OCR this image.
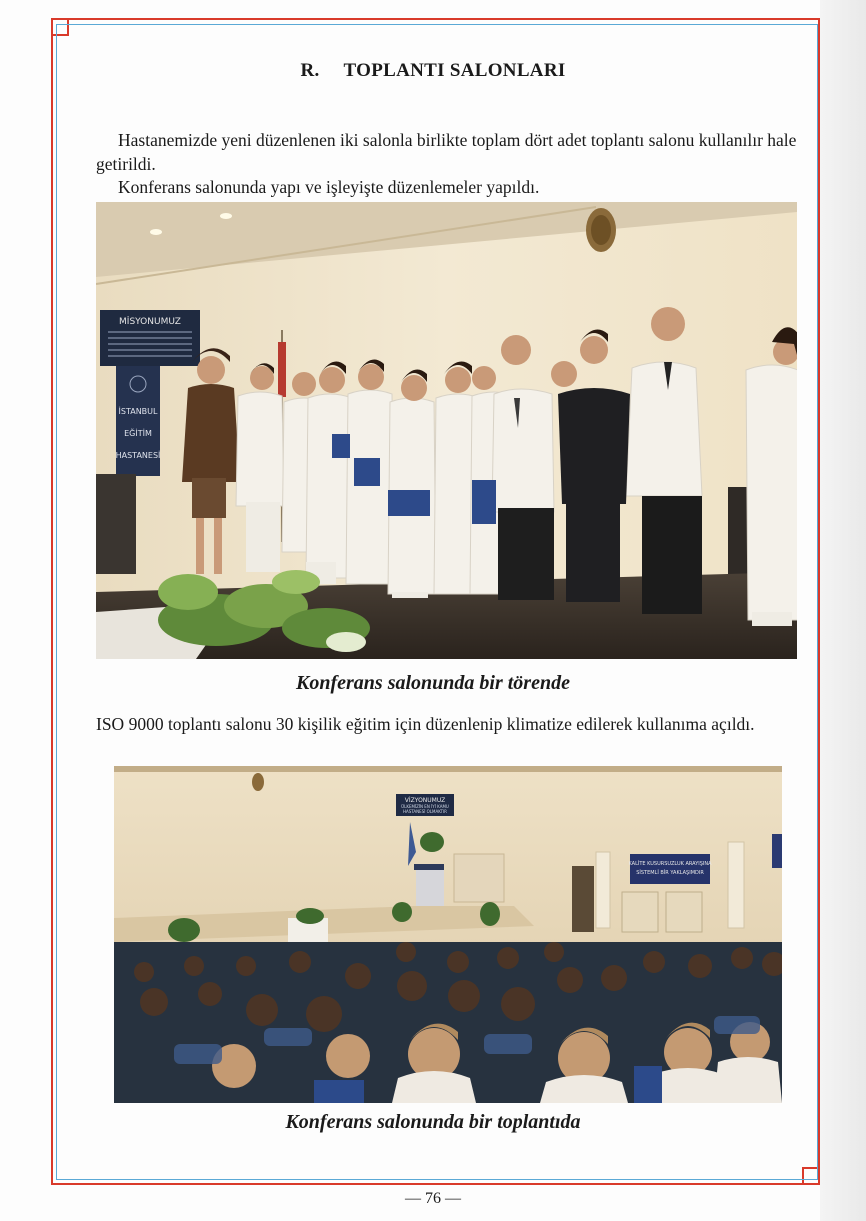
R. TOPLANTI SALONLARI
Hastanemizde yeni düzenlenen iki salonla birlikte toplam dört adet toplantı salonu kullanılır hale getirildi.
Konferans salonunda yapı ve işleyişte düzenlemeler yapıldı.
MİSYONUMUZ
İSTANBUL
EĞİTİM
HASTANESİ
Konferans salonunda bir törende
ISO 9000 toplantı salonu 30 kişilik eğitim için düzenlenip klimatize edilerek kullanıma açıldı.
VİZYONUMUZ
ÜLKEMİZİN EN İYİ KAMU
HASTANESİ OLMAKTIR
KALİTE KUSURSUZLUK ARAYIŞINA
SİSTEMLİ BİR YAKLAŞIMDIR
Konferans salonunda bir toplantıda
— 76 —
